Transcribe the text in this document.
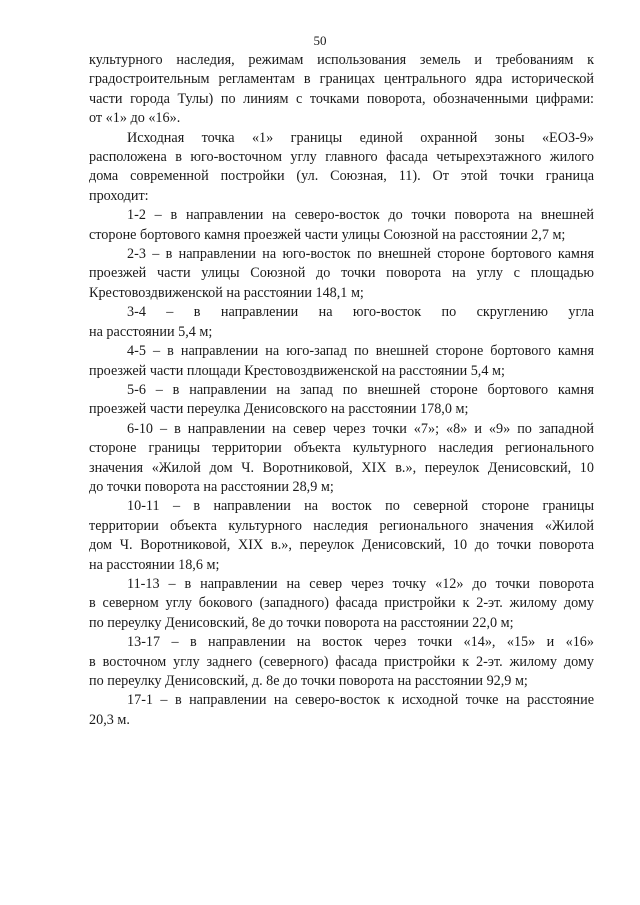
50

культурного наследия, режимам использования земель и требованиям к
градостроительным регламентам в границах центрального ядра исторической
части города Тулы) по линиям с точками поворота, обозначенными цифрами:
от «1» до «16».

Исходная точка «1» границы единой охранной зоны «ЕОЗ-9»
расположена в юго-восточном углу главного фасада четырехэтажного жилого
дома современной постройки (ул. Союзная, 11). От этой точки граница
проходит:

1-2 – в направлении на северо-восток до точки поворота на внешней
стороне бортового камня проезжей части улицы Союзной на расстоянии 2,7 м;

2-3 – в направлении на юго-восток по внешней стороне бортового камня
проезжей части улицы Союзной до точки поворота на углу с площадью
Крестовоздвиженской на расстоянии 148,1 м;

3-4 – в направлении на юго-восток по скруглению угла
на расстоянии 5,4 м;

4-5 – в направлении на юго-запад по внешней стороне бортового камня
проезжей части площади Крестовоздвиженской на расстоянии 5,4 м;

5-6 – в направлении на запад по внешней стороне бортового камня
проезжей части переулка Денисовского на расстоянии 178,0 м;

6-10 – в направлении на север через точки «7»; «8» и «9» по западной
стороне границы территории объекта культурного наследия регионального
значения «Жилой дом Ч. Воротниковой, XIX в.», переулок Денисовский, 10
до точки поворота на расстоянии 28,9 м;

10-11 – в направлении на восток по северной стороне границы
территории объекта культурного наследия регионального значения «Жилой
дом Ч. Воротниковой, XIX в.», переулок Денисовский, 10 до точки поворота
на расстоянии 18,6 м;

11-13 – в направлении на север через точку «12» до точки поворота
в северном углу бокового (западного) фасада пристройки к 2-эт. жилому дому
по переулку Денисовский, 8е до точки поворота на расстоянии 22,0 м;

13-17 – в направлении на восток через точки «14», «15» и «16»
в восточном углу заднего (северного) фасада пристройки к 2-эт. жилому дому
по переулку Денисовский, д. 8е до точки поворота на расстоянии 92,9 м;

17-1 – в направлении на северо-восток к исходной точке на расстояние
20,3 м.
